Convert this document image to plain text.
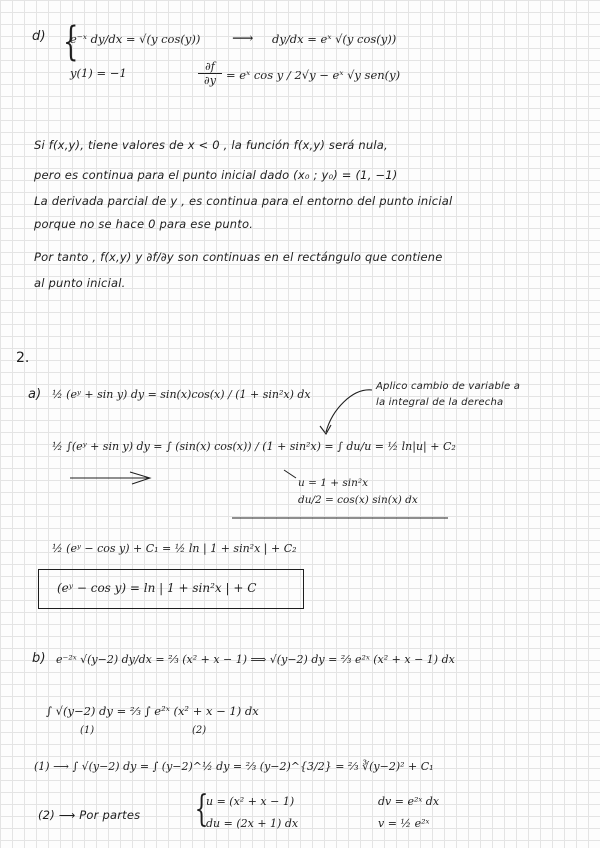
d) {
e⁻ˣ dy/dx = √(y cos(y)) ⟶ dy/dx = eˣ √(y cos(y))
y(1) = −1	$\frac{\partial f}{\partial y}$ = eˣ cos y / 2√y − eˣ √y sen(y)
Si f(x,y), tiene valores de x < 0 , la función f(x,y) será nula,
pero es continua para el punto inicial dado (x₀ ; y₀) = (1, −1)
La derivada parcial de y , es continua para el entorno del punto inicial
porque no se hace 0 para ese punto.
Por tanto , f(x,y) y ∂f/∂y son continuas en el rectángulo que contiene
al punto inicial.
2.
a) ½ (eʸ + sin y) dy = sin(x)cos(x) / (1 + sin²x) dx
Aplico cambio de variable a
la integral de la derecha
½ ∫(eʸ + sin y) dy = ∫ (sin(x) cos(x)) / (1 + sin²x) = ∫ du/u = ½ ln|u| + C₂
u = 1 + sin²x
du/2 = cos(x) sin(x) dx
½ (eʸ − cos y) + C₁ = ½ ln | 1 + sin²x | + C₂
(eʸ − cos y) = ln | 1 + sin²x | + C
b) e⁻²ˣ √(y−2) dy/dx = ⅔ (x² + x − 1) ⟹ √(y−2) dy = ⅔ e²ˣ (x² + x − 1) dx
∫ √(y−2) dy = ⅔ ∫ e²ˣ (x² + x − 1) dx
(1)	(2)
(1) ⟶ ∫ √(y−2) dy = ∫ (y−2)^½ dy = ⅔ (y−2)^{3/2} = ⅔ ∛(y−2)² + C₁
(2) ⟶ Por partes {
u = (x² + x − 1)
du = (2x + 1) dx
dv = e²ˣ dx
v = ½ e²ˣ
